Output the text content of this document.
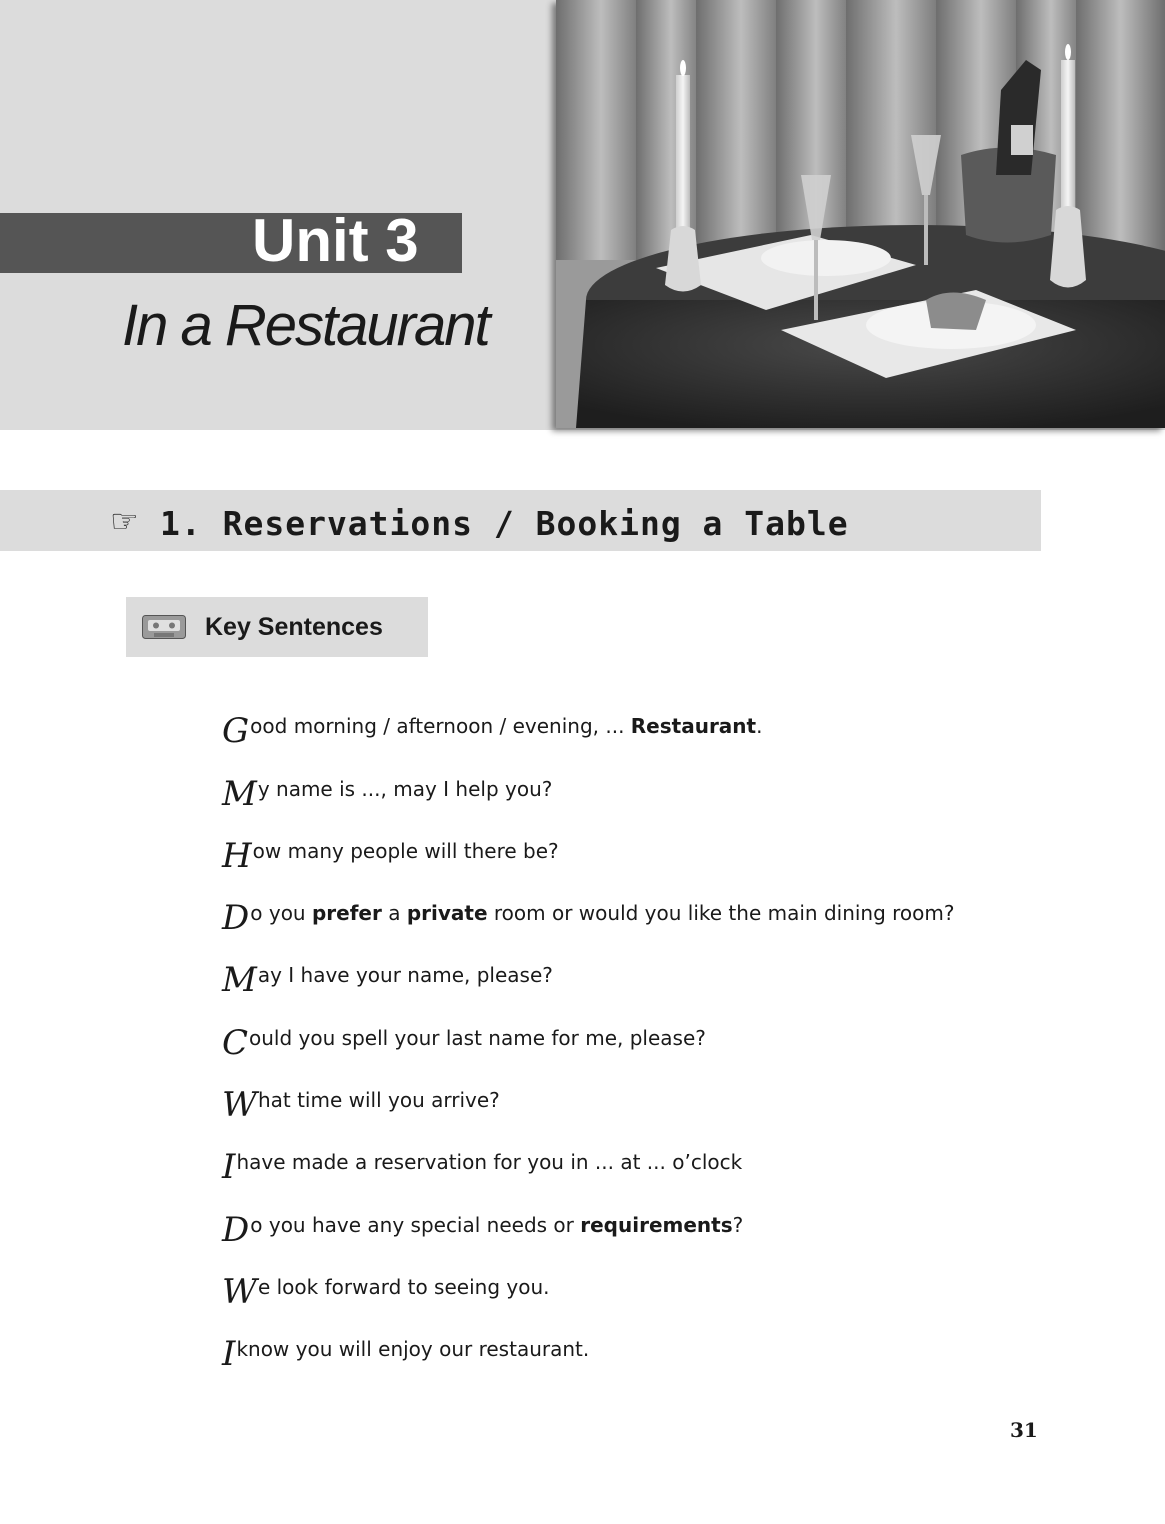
Unit 3
In a Restaurant
☞ 1. Reservations / Booking a Table
Key Sentences
G ood morning / afternoon / evening, ... Restaurant.
M y name is ..., may I help you?
H ow many people will there be?
D o you prefer a private room or would you like the main dining room?
M ay I have your name, please?
C ould you spell your last name for me, please?
W hat time will you arrive?
I have made a reservation for you in ... at ... o’clock
D o you have any special needs or requirements?
W e look forward to seeing you.
I know you will enjoy our restaurant.
31
